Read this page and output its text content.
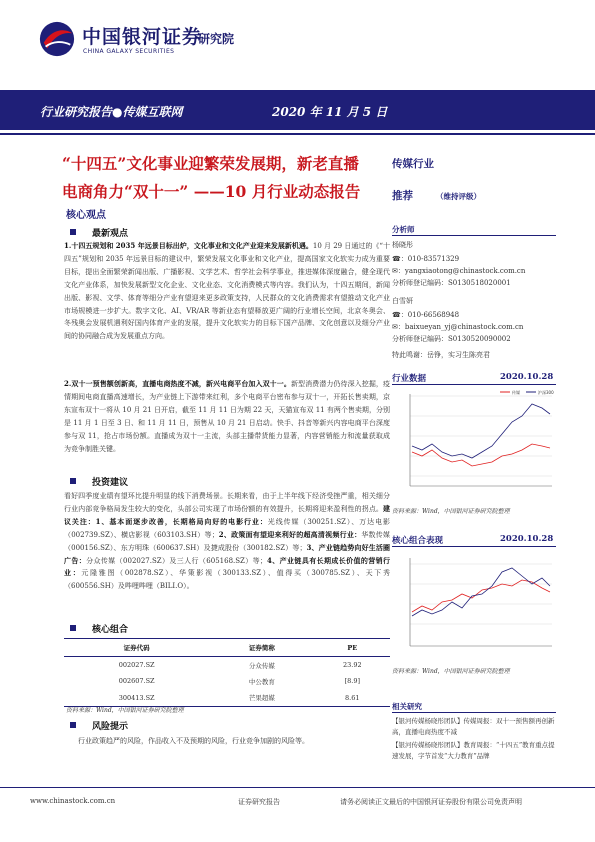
中国银河证券
CHINA GALAXY SECURITIES
研究院
行业研究报告●传媒互联网	2020 年 11 月 5 日
“十四五”文化事业迎繁荣发展期，新老直播
电商角力“双十一” ——10 月行业动态报告
核心观点
最新观点
1.十四五规划和 2035 年远景目标出炉，文化事业和文化产业迎来发展新机遇。10 月 29 日通过的《“十四五”规划和 2035 年远景目标的建议中，繁荣发展文化事业和文化产业，提高国家文化软实力成为重要目标，提出全面繁荣新闻出版、广播影视、文学艺术、哲学社会科学事业，推进媒体深度融合，健全现代文化产业体系，加快发展新型文化企业、文化业态、文化消费模式等内容。我们认为，十四五期间，新闻出版、影视、文学、体育等细分产业有望迎来更多政策支持，人民群众的文化消费需求有望推动文化产业市场规模进一步扩大。数字文化、AI、VR/AR 等新业态有望释放更广阔的行业增长空间，北京冬奥会、冬残奥会发展机遇利好国内体育产业的发展，提升文化软实力的目标下国产品牌、文化创意以及细分产业间的协同融合成为发展重点方向。
2.双十一预售额创新高，直播电商热度不减，新兴电商平台加入双十一。新型消费潜力仍待深入挖掘，疫情期间电商直播高速增长，为产业链上下游带来红利，多个电商平台密布参与双十一，开拓长售卖期，京东宣布双十一将从 10 月 21 日开启，截至 11 月 11 日为期 22 天，天猫宣布双 11 有两个售卖期，分别是 11 月 1 日至 3 日、和 11 月 11 日，预售从 10 月 21 日启动。快手、抖音等新兴内容电商平台深度参与双 11，抢占市场份额。直播成为双十一主流，头部主播带货能力显著，内容营销能力和流量获取成为竞争制胜关键。
投资建议
看好四季度业绩有望环比提升明显的线下消费场景。长期来看，由于上半年线下经济受挫严重，相关细分行业内部竞争格局发生较大的变化，头部公司实现了市场份额的有效提升，长期将迎来盈利性的拐点。建议关注：1、基本面逐步改善，长期格局向好的电影行业：光线传媒（300251.SZ）、万达电影（002739.SZ）、横店影视（603103.SH）等；2、政策面有望迎来利好的超高清视频行业：华数传媒（000156.SZ）、东方明珠（600637.SH）及捷成股份（300182.SZ）等；3、产业链趋势向好生活圈广告：分众传媒（002027.SZ）及三人行（605168.SZ）等；4、产业链具有长期成长价值的营销行业：元隆雅图（002878.SZ）、华策影视（300133.SZ）、值得买（300785.SZ）、天下秀（600556.SH）及哔哩哔哩（BILI.O）。
核心组合
证券代码	证券简称	PE
002027.SZ	分众传媒	23.92
002607.SZ	中公教育	[8.9]
300413.SZ	芒果超媒	8.61
资料来源：Wind，中国银河证券研究院整理
风险提示
行业政策趋严的风险，作品收入不及预期的风险，行业竞争加剧的风险等。
传媒行业
推荐	（维持评级）
分析师
杨晓彤
☎：010-83571329
✉：yangxiaotong@chinastock.com.cn
分析师登记编码：S0130518020001
白雪妍
☎：010-66568948
✉：baixueyan_yj@chinastock.com.cn
分析师登记编码：S0130520090002
特此鸣谢：岳铮，实习生陈亮君
行业数据	2020.10.28
传媒	沪深300
资料来源：Wind，中国银河证券研究院整理
核心组合表现	2020.10.28
资料来源：Wind，中国银河证券研究院整理
相关研究
【银河传媒杨晓彤团队】传媒周报：双十一预售额再创新高，直播电商热度不减
【银河传媒杨晓彤团队】教育周报：“十四五”教育重点提速发展，字节首发“大力教育”品牌
www.chinastock.com.cn	证券研究报告	请务必阅读正文最后的中国银河证券股份有限公司免责声明
